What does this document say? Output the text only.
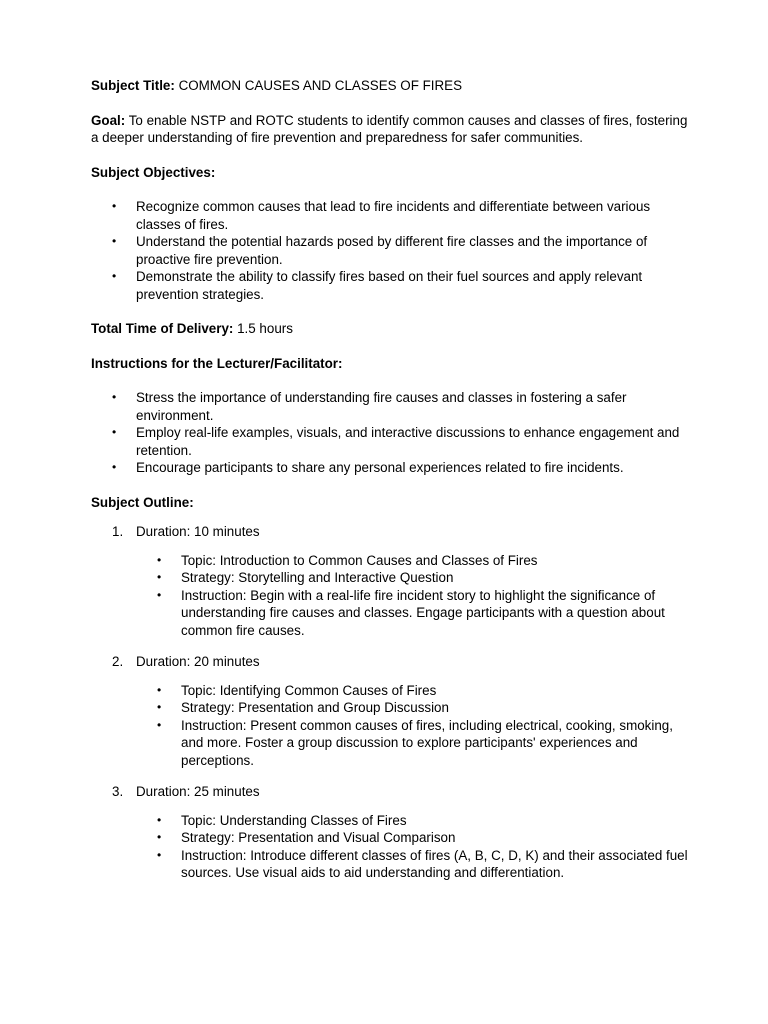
Subject Title: COMMON CAUSES AND CLASSES OF FIRES

Goal: To enable NSTP and ROTC students to identify common causes and classes of fires, fostering a deeper understanding of fire prevention and preparedness for safer communities.

Subject Objectives:

• Recognize common causes that lead to fire incidents and differentiate between various classes of fires.
• Understand the potential hazards posed by different fire classes and the importance of proactive fire prevention.
• Demonstrate the ability to classify fires based on their fuel sources and apply relevant prevention strategies.

Total Time of Delivery: 1.5 hours

Instructions for the Lecturer/Facilitator:

• Stress the importance of understanding fire causes and classes in fostering a safer environment.
• Employ real-life examples, visuals, and interactive discussions to enhance engagement and retention.
• Encourage participants to share any personal experiences related to fire incidents.

Subject Outline:

1. Duration: 10 minutes

• Topic: Introduction to Common Causes and Classes of Fires
• Strategy: Storytelling and Interactive Question
• Instruction: Begin with a real-life fire incident story to highlight the significance of understanding fire causes and classes. Engage participants with a question about common fire causes.
2. Duration: 20 minutes

• Topic: Identifying Common Causes of Fires
• Strategy: Presentation and Group Discussion
• Instruction: Present common causes of fires, including electrical, cooking, smoking, and more. Foster a group discussion to explore participants' experiences and perceptions.
3. Duration: 25 minutes

• Topic: Understanding Classes of Fires
• Strategy: Presentation and Visual Comparison
• Instruction: Introduce different classes of fires (A, B, C, D, K) and their associated fuel sources. Use visual aids to aid understanding and differentiation.
